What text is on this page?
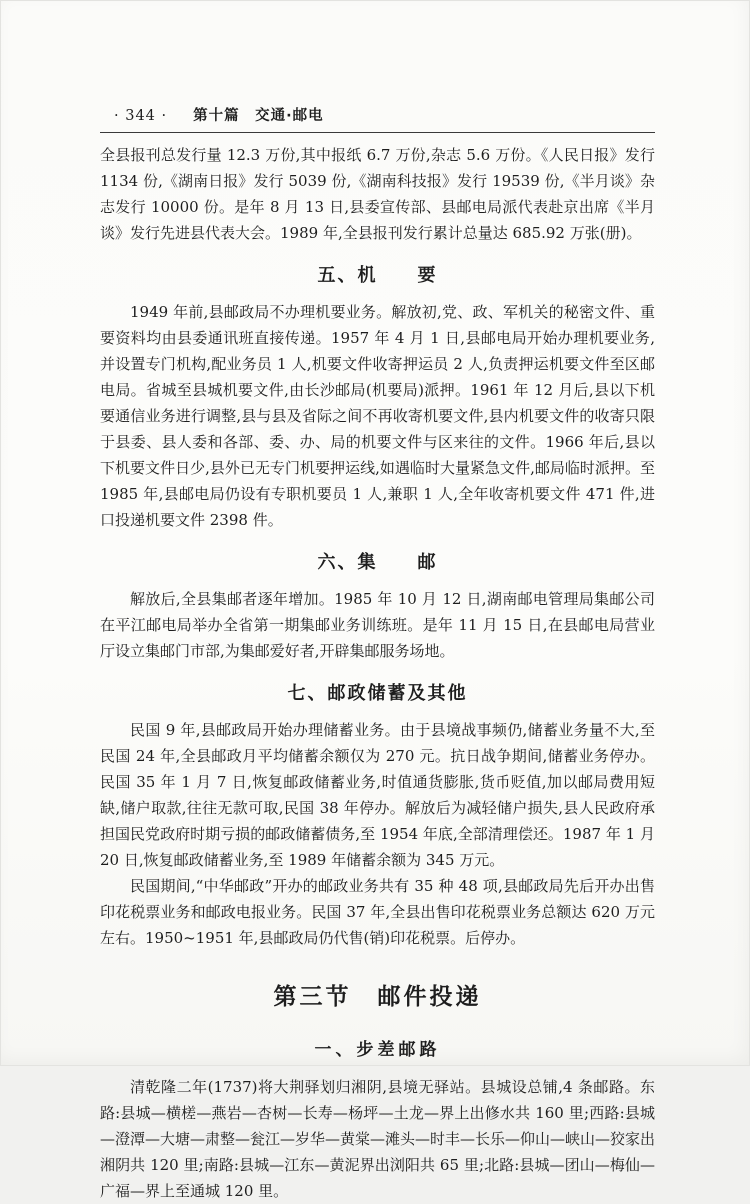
· 344 · 第十篇　交通·邮电

全县报刊总发行量 12.3 万份,其中报纸 6.7 万份,杂志 5.6 万份。《人民日报》发行 1134 份,《湖南日报》发行 5039 份,《湖南科技报》发行 19539 份,《半月谈》杂志发行 10000 份。是年 8 月 13 日,县委宣传部、县邮电局派代表赴京出席《半月谈》发行先进县代表大会。1989 年,全县报刊发行累计总量达 685.92 万张(册)。

五、机　　要

1949 年前,县邮政局不办理机要业务。解放初,党、政、军机关的秘密文件、重要资料均由县委通讯班直接传递。1957 年 4 月 1 日,县邮电局开始办理机要业务,并设置专门机构,配业务员 1 人,机要文件收寄押运员 2 人,负责押运机要文件至区邮电局。省城至县城机要文件,由长沙邮局(机要局)派押。1961 年 12 月后,县以下机要通信业务进行调整,县与县及省际之间不再收寄机要文件,县内机要文件的收寄只限于县委、县人委和各部、委、办、局的机要文件与区来往的文件。1966 年后,县以下机要文件日少,县外已无专门机要押运线,如遇临时大量紧急文件,邮局临时派押。至 1985 年,县邮电局仍设有专职机要员 1 人,兼职 1 人,全年收寄机要文件 471 件,进口投递机要文件 2398 件。

六、集　　邮

解放后,全县集邮者逐年增加。1985 年 10 月 12 日,湖南邮电管理局集邮公司在平江邮电局举办全省第一期集邮业务训练班。是年 11 月 15 日,在县邮电局营业厅设立集邮门市部,为集邮爱好者,开辟集邮服务场地。

七、邮政储蓄及其他

民国 9 年,县邮政局开始办理储蓄业务。由于县境战事频仍,储蓄业务量不大,至民国 24 年,全县邮政月平均储蓄余额仅为 270 元。抗日战争期间,储蓄业务停办。民国 35 年 1 月 7 日,恢复邮政储蓄业务,时值通货膨胀,货币贬值,加以邮局费用短缺,储户取款,往往无款可取,民国 38 年停办。解放后为减轻储户损失,县人民政府承担国民党政府时期亏损的邮政储蓄债务,至 1954 年底,全部清理偿还。1987 年 1 月 20 日,恢复邮政储蓄业务,至 1989 年储蓄余额为 345 万元。

民国期间,“中华邮政”开办的邮政业务共有 35 种 48 项,县邮政局先后开办出售印花税票业务和邮政电报业务。民国 37 年,全县出售印花税票业务总额达 620 万元左右。1950~1951 年,县邮政局仍代售(销)印花税票。后停办。

第三节　邮件投递
一、步差邮路

清乾隆二年(1737)将大荆驿划归湘阴,县境无驿站。县城设总铺,4 条邮路。东路:县城—横槎—燕岩—杏树—长寿—杨坪—土龙—界上出修水共 160 里;西路:县城—澄潭—大塘—肃整—瓮江—岁华—黄棠—滩头—时丰—长乐—仰山—峡山—狡家出湘阴共 120 里;南路:县城—江东—黄泥界出浏阳共 65 里;北路:县城—团山—梅仙—广福—界上至通城 120 里。
